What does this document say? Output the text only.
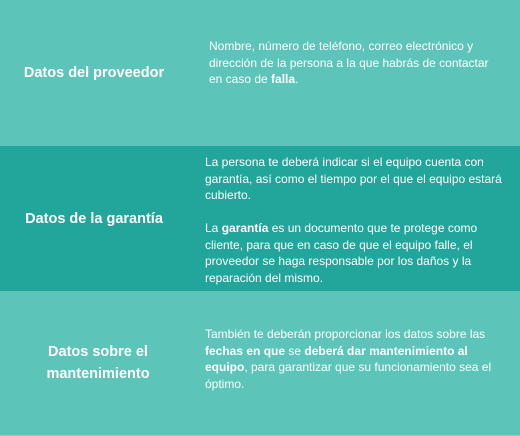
Datos del proveedor

Nombre, número de teléfono, correo electrónico y dirección de la persona a la que habrás de contactar en caso de falla.

Datos de la garantía

La persona te deberá indicar si el equipo cuenta con garantía, así como el tiempo por el que el equipo estará cubierto.

La garantía es un documento que te protege como cliente, para que en caso de que el equipo falle, el proveedor se haga responsable por los daños y la reparación del mismo.

Datos sobre el mantenimiento

También te deberán proporcionar los datos sobre las fechas en que se deberá dar mantenimiento al equipo, para garantizar que su funcionamiento sea el óptimo.
